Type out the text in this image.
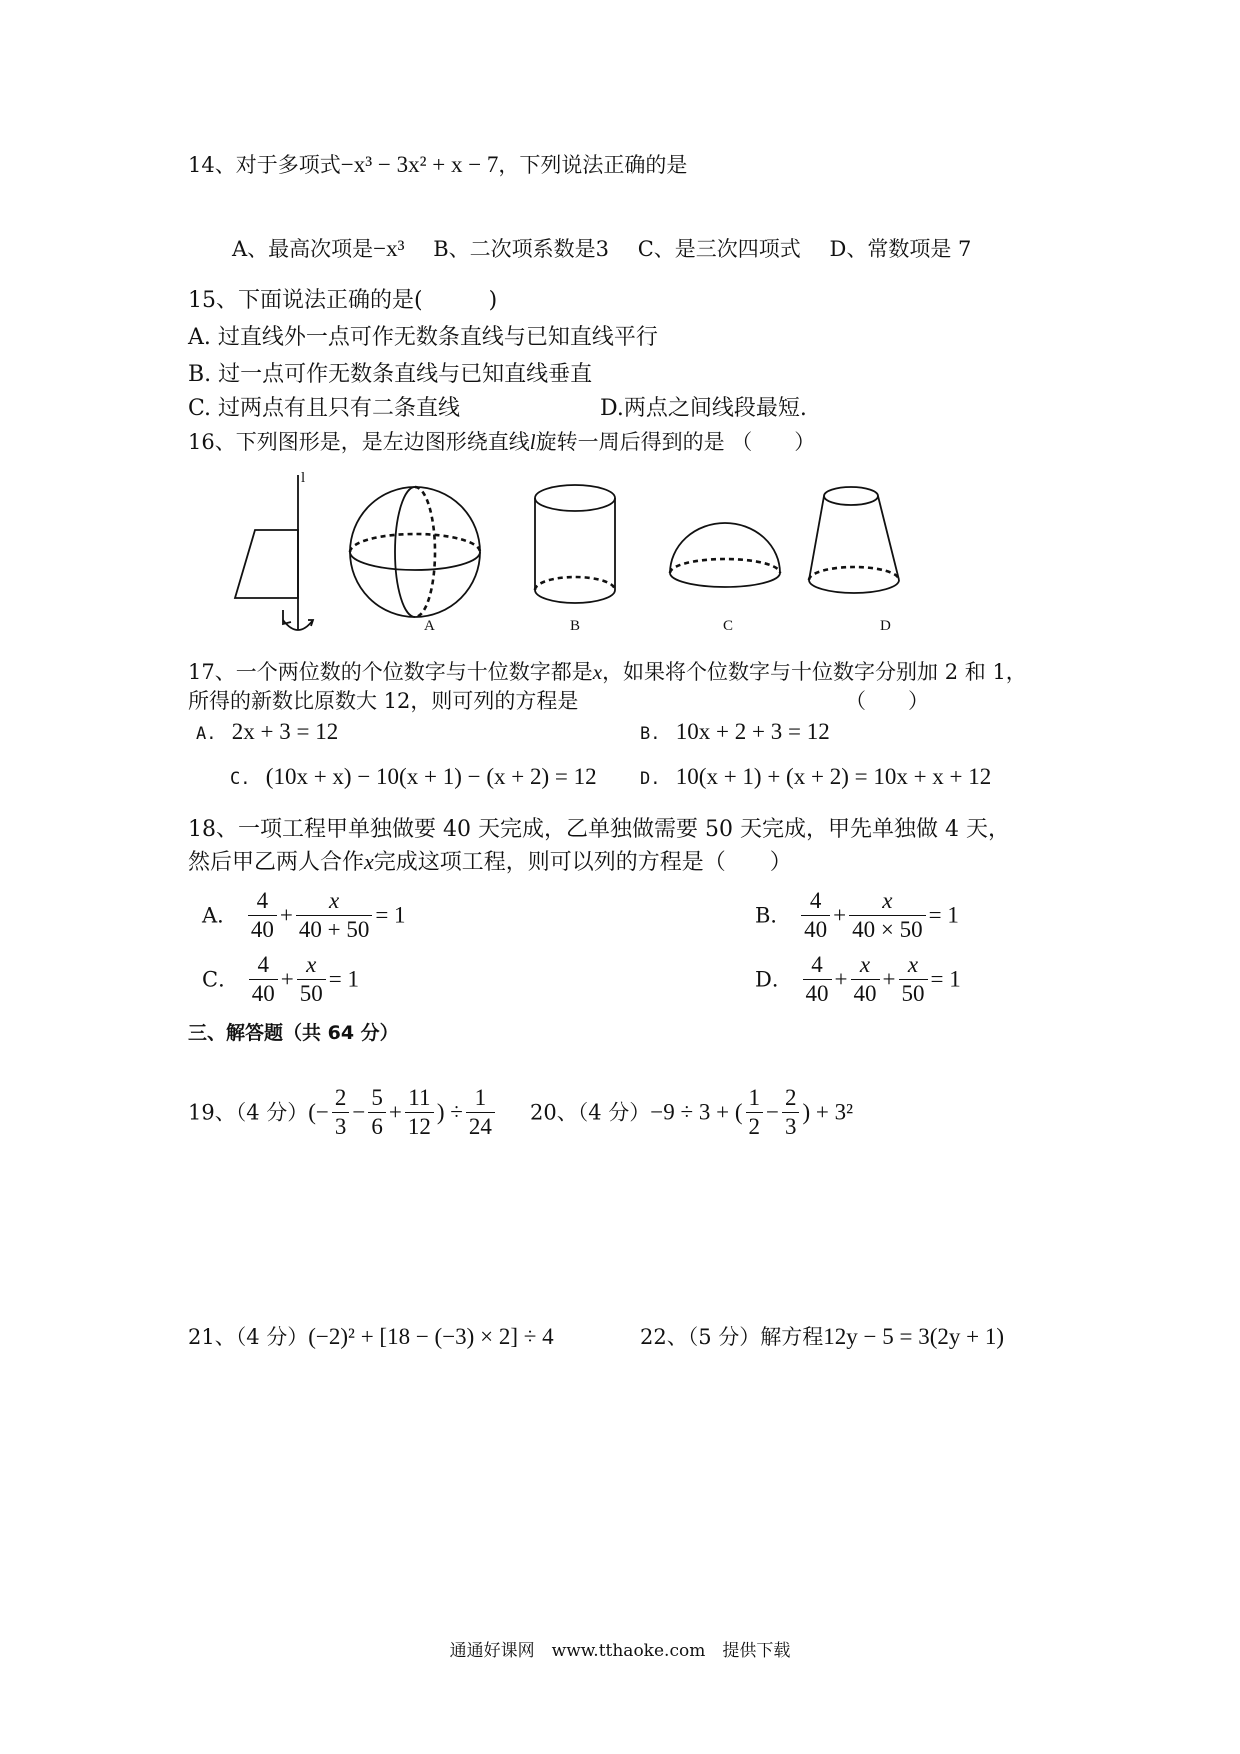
14、对于多项式−x³ − 3x² + x − 7，下列说法正确的是
A、最高次项是−x³ B、二次项系数是3 C、是三次四项式 D、常数项是 7
15、下面说法正确的是(　　　)
A. 过直线外一点可作无数条直线与已知直线平行
B. 过一点可作无数条直线与已知直线垂直
C. 过两点有且只有二条直线	D.两点之间线段最短.
16、下列图形是，是左边图形绕直线l旋转一周后得到的是 （　　）
l
A	B	C	D
17、一个两位数的个位数字与十位数字都是x，如果将个位数字与十位数字分别加 2 和 1，
所得的新数比原数大 12，则可列的方程是	（　　）
A. 2x + 3 = 12	B. 10x + 2 + 3 = 12
C. (10x + x) − 10(x + 1) − (x + 2) = 12	D. 10(x + 1) + (x + 2) = 10x + x + 12
18、一项工程甲单独做要 40 天完成，乙单独做需要 50 天完成，甲先单独做 4 天，
然后甲乙两人合作x完成这项工程，则可以列的方程是（　　）
A． $\frac{4}{40} + \frac{x}{40 + 50} = 1$	B． $\frac{4}{40} + \frac{x}{40 \times 50} = 1$
C． $\frac{4}{40} + \frac{x}{50} = 1$	D． $\frac{4}{40} + \frac{x}{40} + \frac{x}{50} = 1$
三、解答题（共 64 分）
19、（4 分）(− $\frac{2}{3} - \frac{5}{6} + \frac{11}{12}$ ) ÷ $\frac{1}{24} 20$、（4 分）−9 ÷ 3 + ( $\frac{1}{2} - \frac{2}{3}$ ) + 3²
21、（4 分）(−2)² + [18 − (−3) × 2] ÷ 4	22、（5 分）解方程12y − 5 = 3(2y + 1)
通通好课网　www.tthaoke.com　提供下载
